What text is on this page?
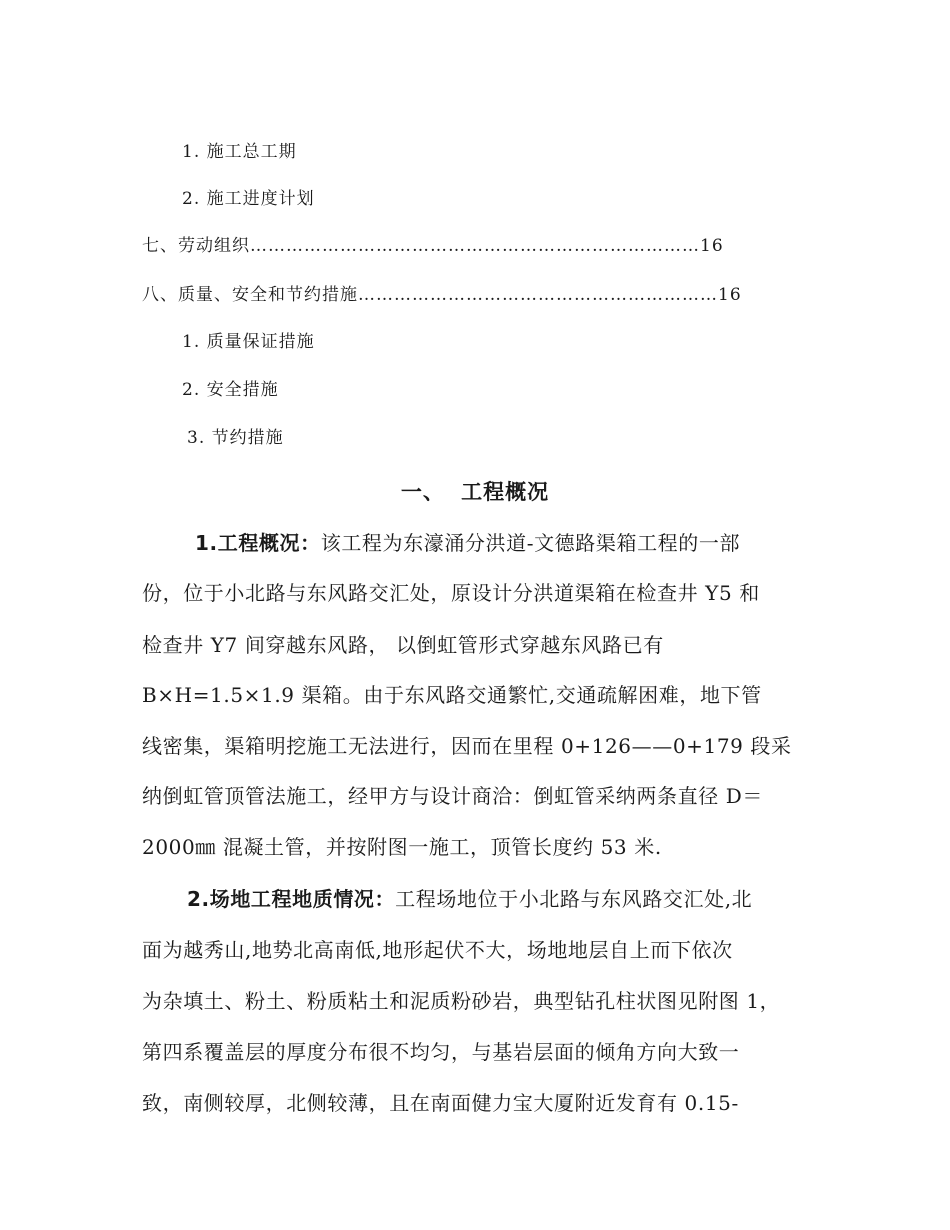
1. 施工总工期
2. 施工进度计划
七、劳动组织…………………………………………………………………16
八、质量、安全和节约措施……………………………………………………16
1. 质量保证措施
2. 安全措施
3. 节约措施
一、 工程概况
1.工程概况：该工程为东濠涌分洪道-文德路渠箱工程的一部
份，位于小北路与东风路交汇处，原设计分洪道渠箱在检查井 Y5 和
检查井 Y7 间穿越东风路， 以倒虹管形式穿越东风路已有
B×H=1.5×1.9 渠箱。由于东风路交通繁忙,交通疏解困难，地下管
线密集，渠箱明挖施工无法进行，因而在里程 0+126——0+179 段采
纳倒虹管顶管法施工，经甲方与设计商洽：倒虹管采纳两条直径 D＝
2000㎜ 混凝土管，并按附图一施工，顶管长度约 53 米.
2.场地工程地质情况：工程场地位于小北路与东风路交汇处,北
面为越秀山,地势北高南低,地形起伏不大，场地地层自上而下依次
为杂填土、粉土、粉质粘土和泥质粉砂岩，典型钻孔柱状图见附图 1，
第四系覆盖层的厚度分布很不均匀，与基岩层面的倾角方向大致一
致，南侧较厚，北侧较薄，且在南面健力宝大厦附近发育有 0.15-
